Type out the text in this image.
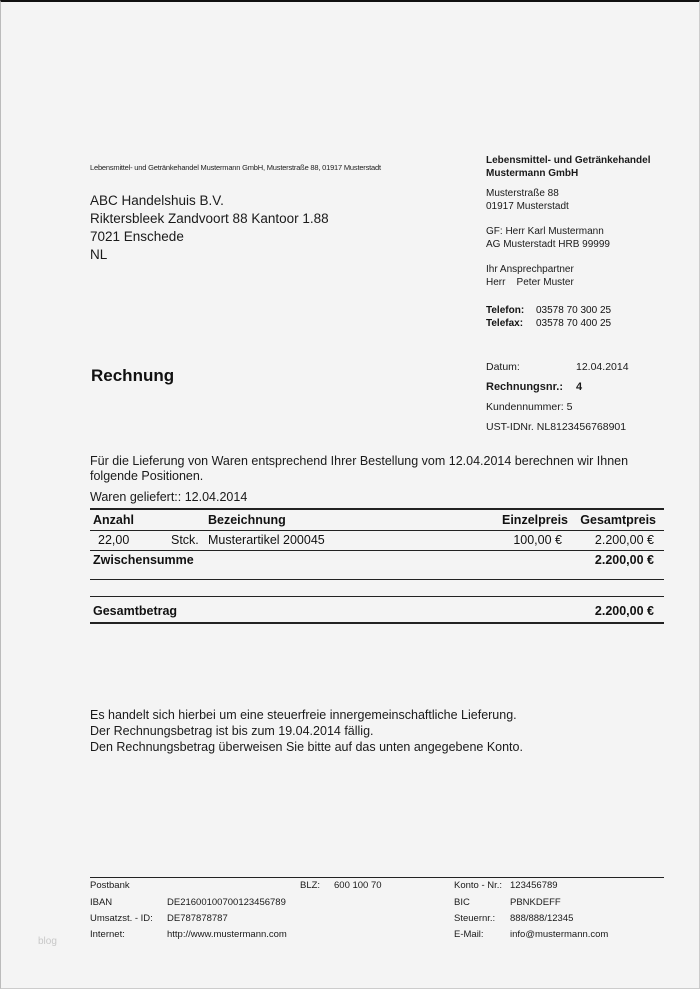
Lebensmittel- und Getränkehandel Mustermann GmbH, Musterstraße 88, 01917 Musterstadt
ABC Handelshuis B.V.
Riktersbleek Zandvoort 88 Kantoor 1.88
7021 Enschede
NL
Lebensmittel- und Getränkehandel
Mustermann GmbH
Musterstraße 88
01917 Musterstadt
GF: Herr Karl Mustermann
AG Musterstadt HRB 99999
Ihr Ansprechpartner
Herr    Peter Muster
Telefon: 03578 70 300 25
Telefax: 03578 70 400 25
Datum:	12.04.2014
Rechnungsnr.: 4
Kundennummer: 5
UST-IDNr. NL8123456768901
Rechnung
Für die Lieferung von Waren entsprechend Ihrer Bestellung vom 12.04.2014 berechnen wir Ihnen folgende Positionen.
Waren geliefert:: 12.04.2014
Anzahl	Bezeichnung	Einzelpreis Gesamtpreis
22,00	Stck. Musterartikel 200045	100,00 €	2.200,00 €
Zwischensumme	2.200,00 €
Gesamtbetrag	2.200,00 €
Es handelt sich hierbei um eine steuerfreie innergemeinschaftliche Lieferung.
Der Rechnungsbetrag ist bis zum 19.04.2014 fällig.
Den Rechnungsbetrag überweisen Sie bitte auf das unten angegebene Konto.
Postbank	BLZ: 600 100 70	Konto - Nr.: 123456789
IBAN	DE21600100700123456789	BIC	PBNKDEFF
Umsatzst. - ID: DE787878787	Steuernr.: 888/888/12345
Internet:	http://www.mustermann.com	E-Mail:	info@mustermann.com
blog
